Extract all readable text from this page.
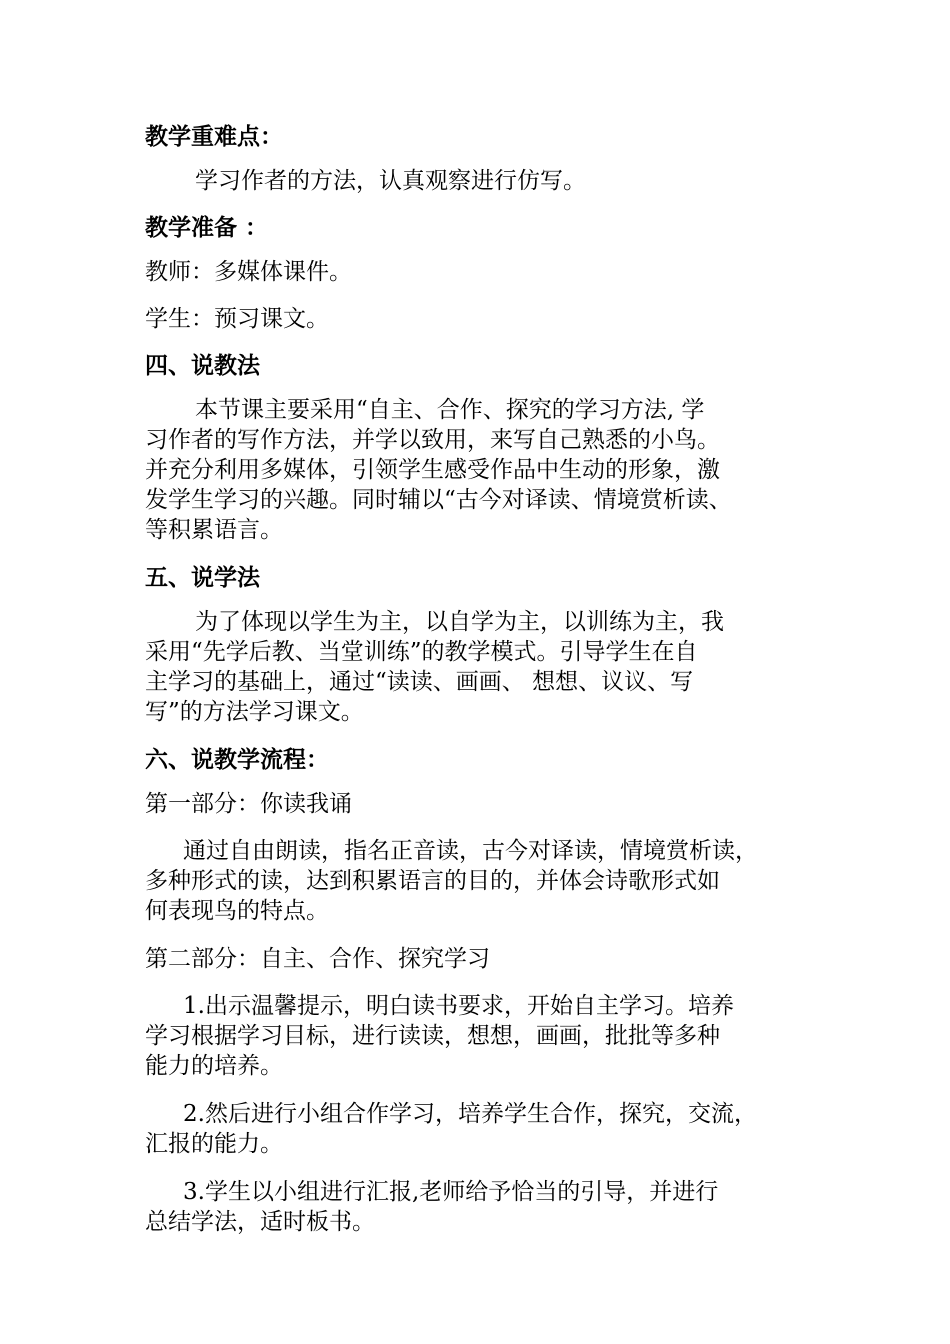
教学重难点：
学习作者的方法，认真观察进行仿写。
教学准备 ：
教师：多媒体课件。
学生：预习课文。
四、说教法
本节课主要采用“自主、合作、探究的学习方法, 学
习作者的写作方法，并学以致用，来写自己熟悉的小鸟。
并充分利用多媒体，引领学生感受作品中生动的形象，激
发学生学习的兴趣。同时辅以“古今对译读、情境赏析读、
等积累语言。
五、说学法
为了体现以学生为主，以自学为主，以训练为主，我
采用“先学后教、当堂训练”的教学模式。引导学生在自
主学习的基础上，通过“读读、画画、 想想、议议、写
写”的方法学习课文。
六、说教学流程：
第一部分：你读我诵
通过自由朗读，指名正音读，古今对译读，情境赏析读，
多种形式的读，达到积累语言的目的，并体会诗歌形式如
何表现鸟的特点。
第二部分：自主、合作、探究学习
1.出示温馨提示，明白读书要求，开始自主学习。培养
学习根据学习目标，进行读读，想想，画画，批批等多种
能力的培养。
2.然后进行小组合作学习，培养学生合作，探究，交流，
汇报的能力。
3.学生以小组进行汇报,老师给予恰当的引导，并进行
总结学法，适时板书。
